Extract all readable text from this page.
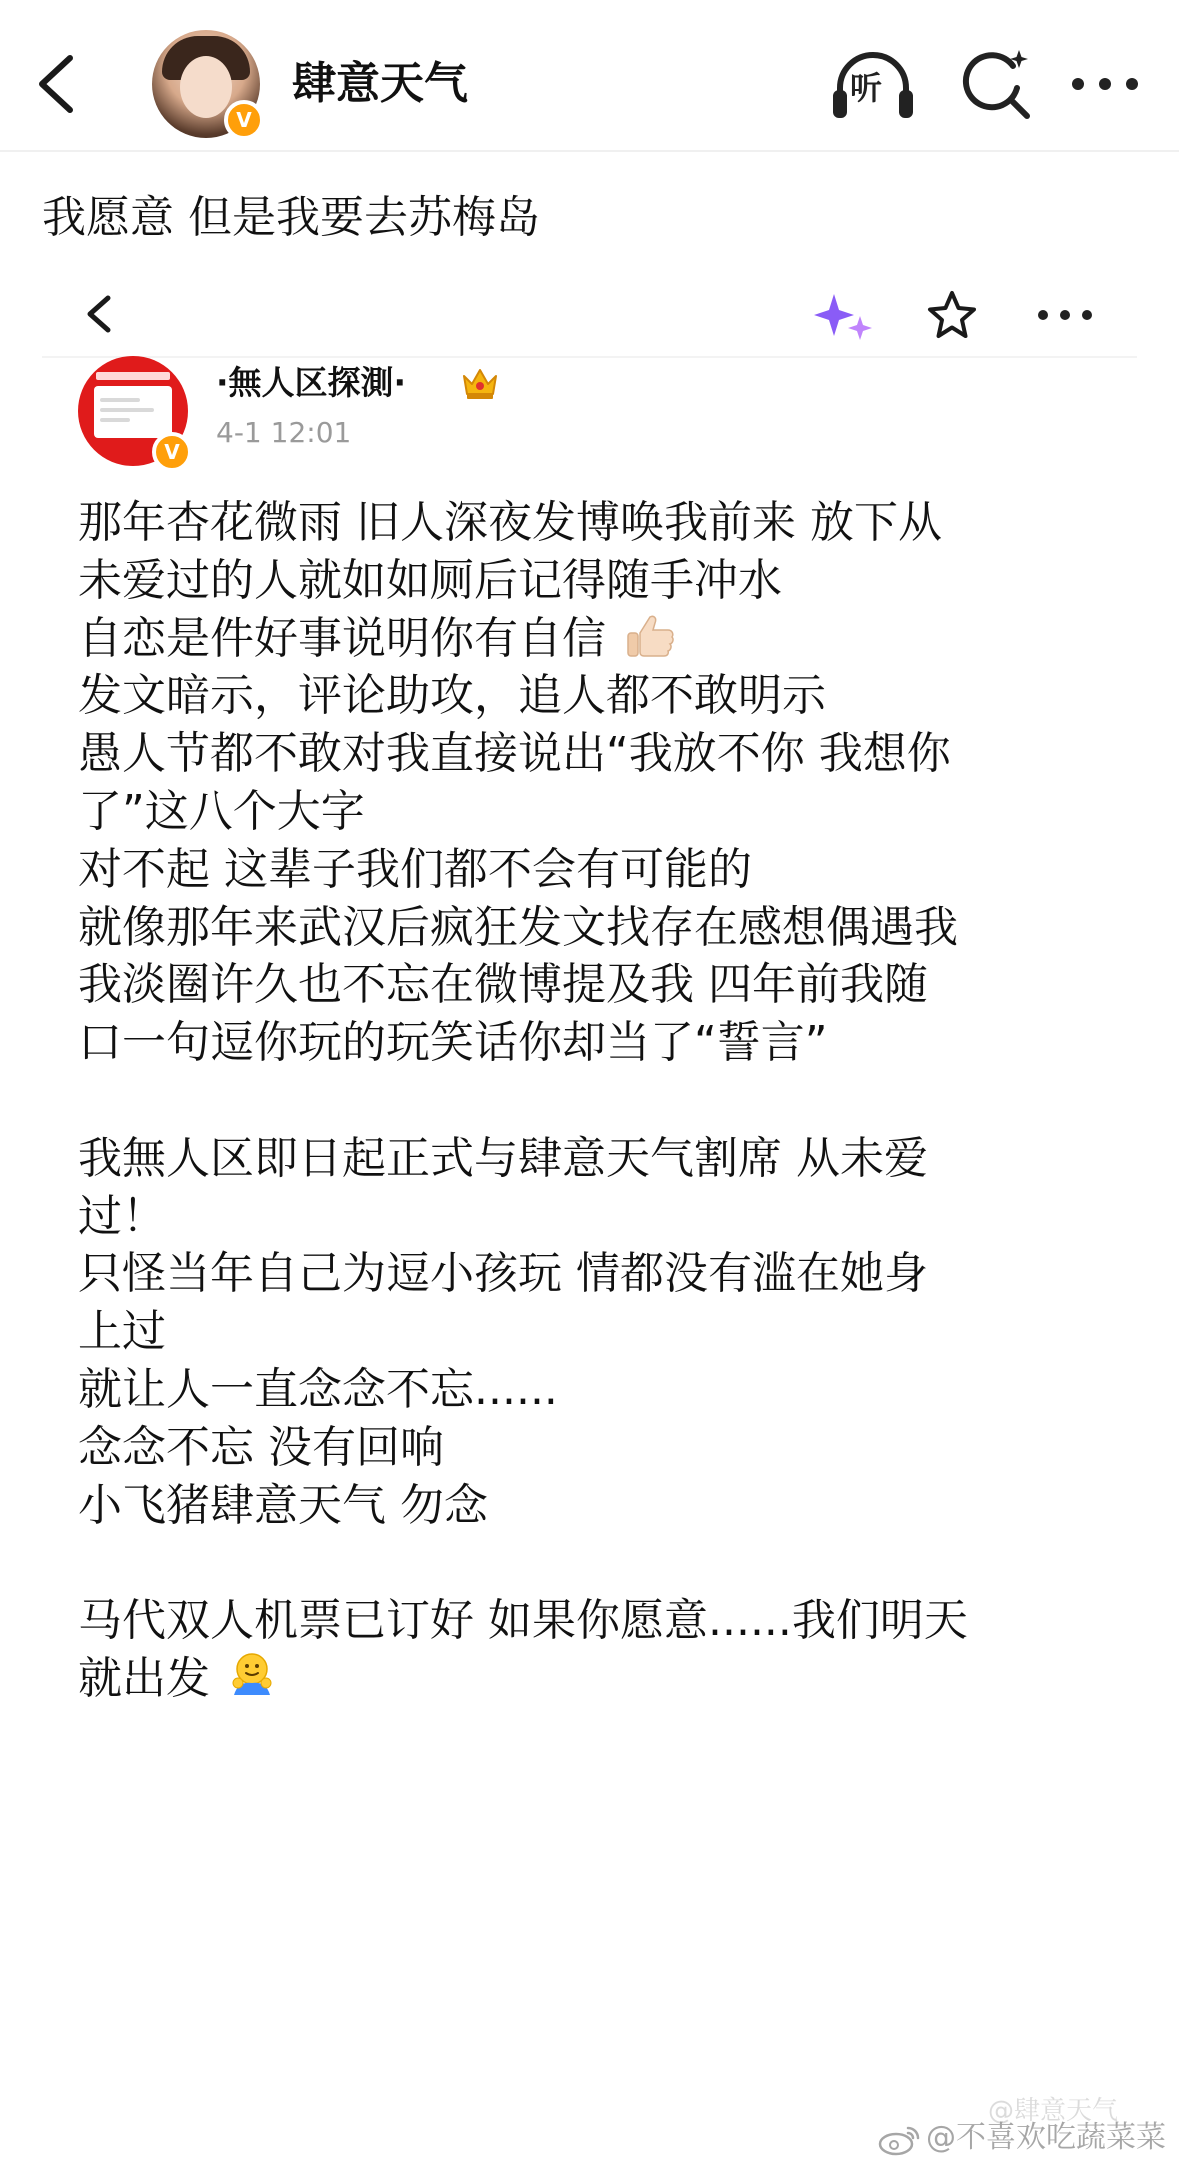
V
肆意天气	听
我愿意 但是我要去苏梅岛
V
·無人区探測·
4-1 12:01
那年杏花微雨 旧人深夜发博唤我前来 放下从
未爱过的人就如如厕后记得随手冲水
自恋是件好事说明你有自信
发文暗示，评论助攻，追人都不敢明示
愚人节都不敢对我直接说出“我放不你 我想你
了”这八个大字
对不起 这辈子我们都不会有可能的
就像那年来武汉后疯狂发文找存在感想偶遇我
我淡圈许久也不忘在微博提及我 四年前我随
口一句逗你玩的玩笑话你却当了“誓言”
我無人区即日起正式与肆意天气割席 从未爱
过！
只怪当年自己为逗小孩玩 情都没有滥在她身
上过
就让人一直念念不忘......
念念不忘 没有回响
小飞猪肆意天气 勿念
马代双人机票已订好 如果你愿意......我们明天
就出发
@肆意天气
@不喜欢吃蔬菜菜
